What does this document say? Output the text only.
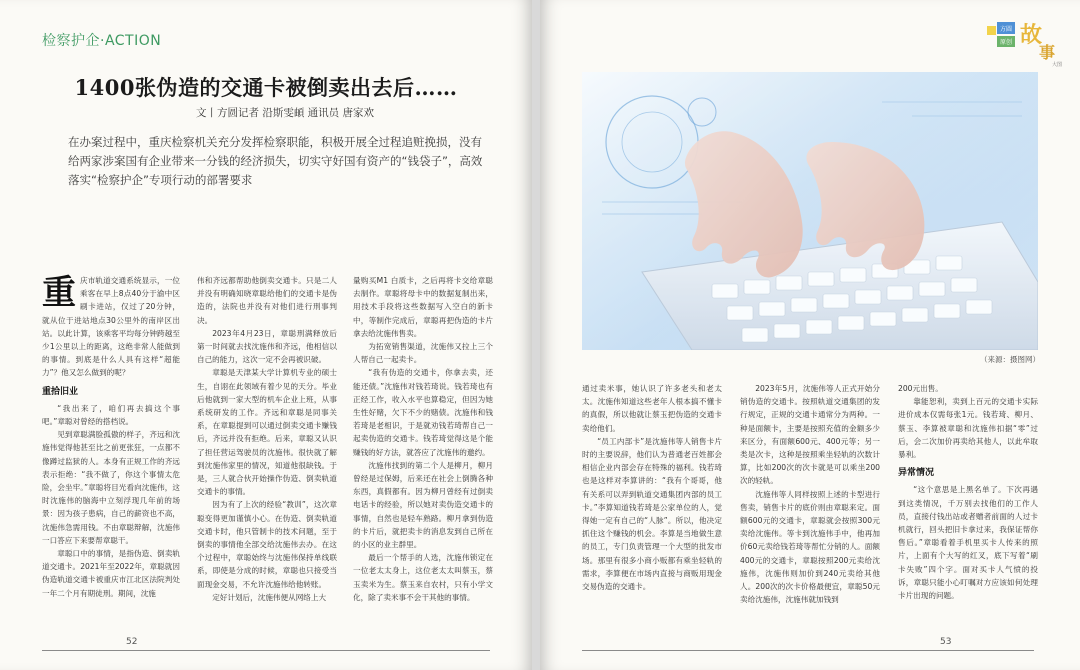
检察护企·ACTION
1400张伪造的交通卡被倒卖出去后……
文丨方圆记者 沿斯雯頔 通讯员 唐家欢
在办案过程中，重庆检察机关充分发挥检察职能，积极开展全过程追赃挽损，没有给两家涉案国有企业带来一分钱的经济损失，切实守好国有资产的“钱袋子”，高效落实“检察护企”专项行动的部署要求

重庆市轨道交通系统显示，一位乘客在早上8点40分于渝中区刷卡进站，仅过了20分钟，就从位于进站地点30公里外的南岸区出站。以此计算，该乘客平均每分钟跨越至少1公里以上的距离，这绝非常人能做到的事情。到底是什么人具有这样“超能力”？他又怎么做到的呢？

重拾旧业

“我出来了，咱们再去搞这个事吧。”章聪对曾经的搭档说。

见到章聪满脸孤傲的样子，齐远和沈施伟觉得他甚至比之前更张狂，一点都不像蹲过监狱的人。本身有正规工作的齐远表示拒绝：“我不做了，你这个事情太危险，会坐牢。”章聪将目光看向沈施伟，这时沈施伟的脑海中立刻浮现几年前的场景：因为孩子患病，自己的薪资也不高，沈施伟急需用钱。不由章聪辩解，沈施伟一口答应下来要帮章聪干。

章聪口中的事情，是指伪造、倒卖轨道交通卡。2021年至2022年，章聪就因伪造轨道交通卡被重庆市江北区法院判处一年二个月有期徒刑。期间，沈施

伟和齐远都帮助他倒卖交通卡。只是二人并没有明确知晓章聪给他们的交通卡是伪造的，法院也并没有对他们进行刑事判决。

2023年4月23日，章聪刑满释放后第一时间就去找沈施伟和齐远，他相信以自己的能力，这次一定不会再被识破。

章聪是天津某大学计算机专业的硕士生，自诩在此领域有着少见的天分。毕业后他就到一家大型的机车企业上班，从事系统研发的工作。齐远和章聪是同事关系，在章聪提到可以通过倒卖交通卡赚钱后，齐远并没有拒绝。后来，章聪又认识了担任营运驾驶员的沈施伟。很快就了解到沈施伟家里的情况，知道他很缺钱。于是，三人就合伙开始操作伪造、倒卖轨道交通卡的事情。

因为有了上次的经验“教训”，这次章聪变得更加谨慎小心。在伪造、倒卖轨道交通卡时，他只管制卡的技术问题，至于倒卖的事情他全部交给沈施伟去办。在这个过程中，章聪始终与沈施伟保持单线联系，即使是分成的时候，章聪也只接受当面现金交易，不允许沈施伟给他转账。

定好计划后，沈施伟便从网络上大

量购买M1 白质卡，之后再将卡交给章聪去制作。章聪将母卡中的数据复制出来，用技术手段将这些数据写入空白的新卡中，等制作完成后，章聪再把伪造的卡片拿去给沈施伟售卖。

为拓宽销售渠道，沈施伟又拉上三个人帮自己一起卖卡。

“我有伪造的交通卡，你拿去卖，还能还债。”沈施伟对钱若琦说。钱若琦也有正经工作，收入水平也算稳定，但因为她生性好赌，欠下不少的赌债。沈施伟和钱若琦是老相识，于是就劝钱若琦帮自己一起卖伪造的交通卡。钱若琦觉得这是个能赚钱的好方法，就答应了沈施伟的邀约。

沈施伟找到的第二个人是柳月，柳月曾经是过保姆，后来还在社会上倒腾各种东西，真假都有。因为柳月曾经有过倒卖电话卡的经验，所以她对卖伪造交通卡的事情，自然也是轻车熟路。柳月拿到伪造的卡片后，就把卖卡的消息发到自己所在的小区的业主群里。

最后一个帮手的人选，沈施伟锁定在一位老太太身上，这位老太太叫蔡玉，蔡玉卖米为生。蔡玉来自农村，只有小学文化，除了卖米事不会干其他的事情。

52
方圆
原创 故
事
大图
（来源：摄图网）

通过卖米事，她认识了许多老头和老太太。沈施伟知道这些老年人根本搞不懂卡的真假，所以他就让蔡玉把伪造的交通卡卖给他们。

“员工内部卡”是沈施伟等人销售卡片时的主要说辞，他们认为普通老百姓都会相信企业内部会存在特殊的福利。钱若琦也是这样对李算讲的：“我有个哥哥，他有关系可以弄到轨道交通集团内部的员工卡。”李算知道钱若琦是公家单位的人，觉得她一定有自己的“人脉”。所以，他决定抓住这个赚钱的机会。李算是当地做生意的员工，专门负责管理一个大型的批发市场。那里有很多小商小贩都有乘坐轻轨的需求，李算便在市场内直接与商贩用现金交易伪造的交通卡。

2023年5月，沈施伟等人正式开始分销伪造的交通卡。按照轨道交通集团的发行规定，正规的交通卡通常分为两种。一种是面额卡，主要是按照充值的金额多少来区分，有面额600元、400元等；另一类是次卡，这种是按照乘坐轻轨的次数计算，比如200次的次卡就是可以乘坐200次的轻轨。

沈施伟等人同样按照上述的卡型进行售卖，销售卡片的底价则由章聪来定。面额600元的交通卡，章聪就会按照300元卖给沈施伟。等卡到沈施伟手中，他再加价60元卖给钱若琦等帮忙分销的人。面额400元的交通卡，章聪按照200元卖给沈施伟，沈施伟则加价到240元卖给其他人。200次的次卡价格最便宜，章聪50元卖给沈施伟，沈施伟就加钱到

200元出售。

靠能恕利，卖到上百元的交通卡实际进价成本仅需每张1元。钱若琦、柳月、蔡玉、李算被章聪和沈施伟扣据“零”过后，会二次加价再卖给其他人，以此牟取暴利。

异常情况

“这个意思是上黑名单了。下次再遇到这类情况，千万别去找他们的工作人员，直接付钱出站或者赠者前面的人过卡机就行，回头把旧卡拿过来，我保证帮你售后。”章聪看着手机里买卡人传来的照片，上面有个大写的红叉，底下写着“刷卡失败”四个字。面对买卡人气愤的投诉，章聪只能小心叮嘱对方应该如何处理卡片出现的问题。

53
